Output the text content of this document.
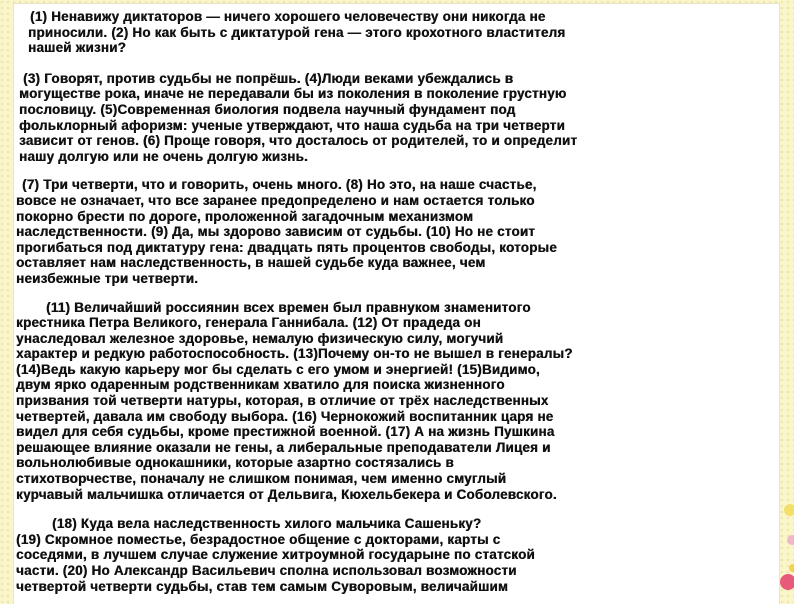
(1) Ненавижу диктаторов — ничего хорошего человечеству они никогда не
приносили. (2) Но как быть с диктатурой гена — этого крохотного властителя
нашей жизни?

(3) Говорят, против судьбы не попрёшь. (4)Люди веками убеждались в
могуществе рока, иначе не передавали бы из поколения в поколение грустную
пословицу. (5)Современная биология подвела научный фундамент под
фольклорный афоризм: ученые утверждают, что наша судьба на три четверти
зависит от генов. (6) Проще говоря, что досталось от родителей, то и определит
нашу долгую или не очень долгую жизнь.

(7) Три четверти, что и говорить, очень много. (8) Но это, на наше счастье,
вовсе не означает, что все заранее предопределено и нам остается только
покорно брести по дороге, проложенной загадочным механизмом
наследственности. (9) Да, мы здорово зависим от судьбы. (10) Но не стоит
прогибаться под диктатуру гена: двадцать пять процентов свободы, которые
оставляет нам наследственность, в нашей судьбе куда важнее, чем
неизбежные три четверти.

(11) Величайший россиянин всех времен был правнуком знаменитого
крестника Петра Великого, генерала Ганнибала. (12) От прадеда он
унаследовал железное здоровье, немалую физическую силу, могучий
характер и редкую работоспособность. (13)Почему он-то не вышел в генералы?
(14)Ведь какую карьеру мог бы сделать с его умом и энергией! (15)Видимо,
двум ярко одаренным родственникам хватило для поиска жизненного
призвания той четверти натуры, которая, в отличие от трёх наследственных
четвертей, давала им свободу выбора. (16) Чернокожий воспитанник царя не
видел для себя судьбы, кроме престижной военной. (17) А на жизнь Пушкина
решающее влияние оказали не гены, а либеральные преподаватели Лицея и
вольнолюбивые однокашники, которые азартно состязались в
стихотворчестве, поначалу не слишком понимая, чем именно смуглый
курчавый мальчишка отличается от Дельвига, Кюхельбекера и Соболевского.

(18) Куда вела наследственность хилого мальчика Сашеньку?
(19) Скромное поместье, безрадостное общение с докторами, карты с
соседями, в лучшем случае служение хитроумной государыне по статской
части. (20) Но Александр Васильевич сполна использовал возможности
четвертой четверти судьбы, став тем самым Суворовым, величайшим
